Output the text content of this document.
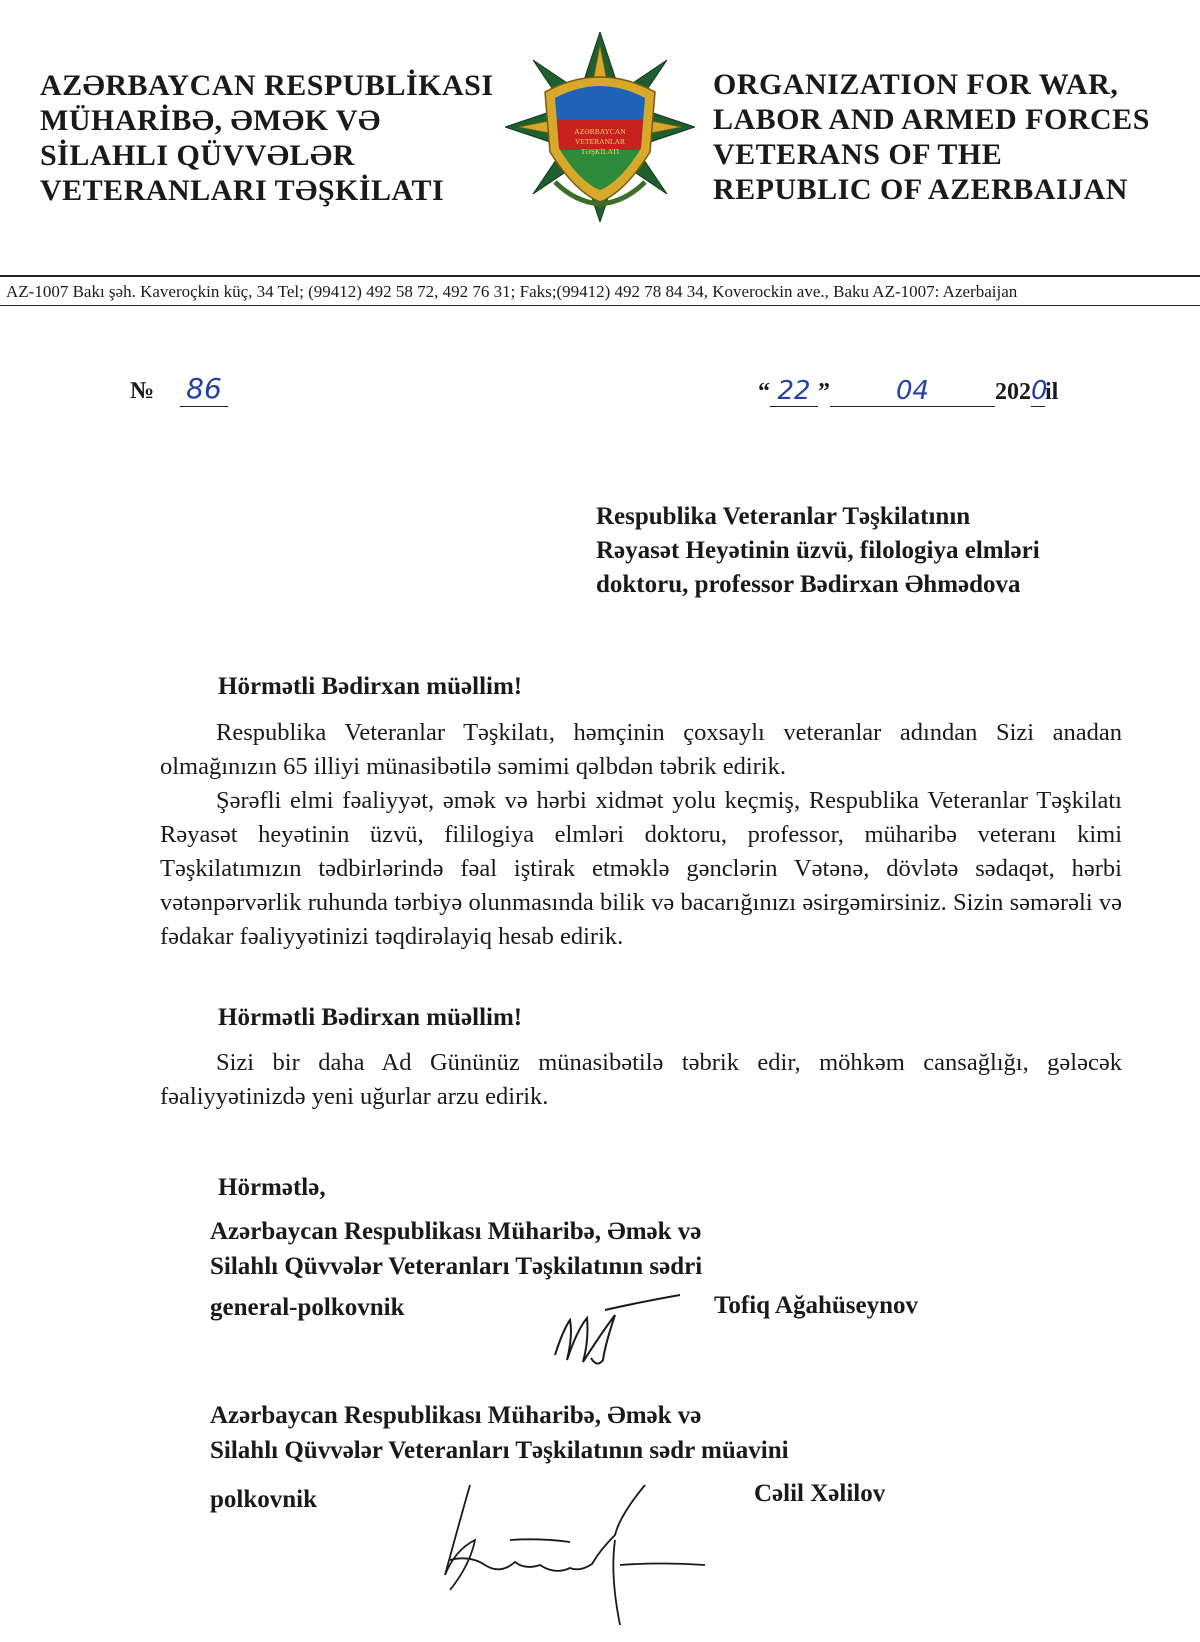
AZƏRBAYCAN RESPUBLİKASI
MÜHARİBƏ, ƏMƏK VƏ
SİLAHLI QÜVVƏLƏR
VETERANLARI TƏŞKİLATI
AZƏRBAYCAN
VETERANLAR
TƏŞKİLATI
ORGANIZATION FOR WAR,
LABOR AND ARMED FORCES
VETERANS OF THE
REPUBLIC OF AZERBAIJAN
AZ-1007 Bakı şəh. Kaveroçkin küç, 34 Tel; (99412) 492 58 72, 492 76 31; Faks;(99412) 492 78 84 34, Koverockin ave., Baku AZ-1007: Azerbaijan
№ 86	“ 22 ”	04	2020il
Respublika Veteranlar Təşkilatının
Rəyasət Heyətinin üzvü, filologiya elmləri
doktoru, professor Bədirxan Əhmədova
Hörmətli Bədirxan müəllim!

Respublika Veteranlar Təşkilatı, həmçinin çoxsaylı veteranlar adından Sizi anadan olmağınızın 65 illiyi münasibətilə səmimi qəlbdən təbrik edirik.

Şərəfli elmi fəaliyyət, əmək və hərbi xidmət yolu keçmiş, Respublika Veteranlar Təşkilatı Rəyasət heyətinin üzvü, fililogiya elmləri doktoru, professor, müharibə veteranı kimi Təşkilatımızın tədbirlərində fəal iştirak etməklə gənclərin Vətənə, dövlətə sədaqət, hərbi vətənpərvərlik ruhunda tərbiyə olunmasında bilik və bacarığınızı əsirgəmirsiniz. Sizin səmərəli və fədakar fəaliyyətinizi təqdirəlayiq hesab edirik.

Hörmətli Bədirxan müəllim!

Sizi bir daha Ad Gününüz münasibətilə təbrik edir, möhkəm cansağlığı, gələcək fəaliyyətinizdə yeni uğurlar arzu edirik.

Hörmətlə,
Azərbaycan Respublikası Müharibə, Əmək və
Silahlı Qüvvələr Veteranları Təşkilatının sədri
general-polkovnik	Tofiq Ağahüseynov
Azərbaycan Respublikası Müharibə, Əmək və
Silahlı Qüvvələr Veteranları Təşkilatının sədr müavini
polkovnik	Cəlil Xəlilov
